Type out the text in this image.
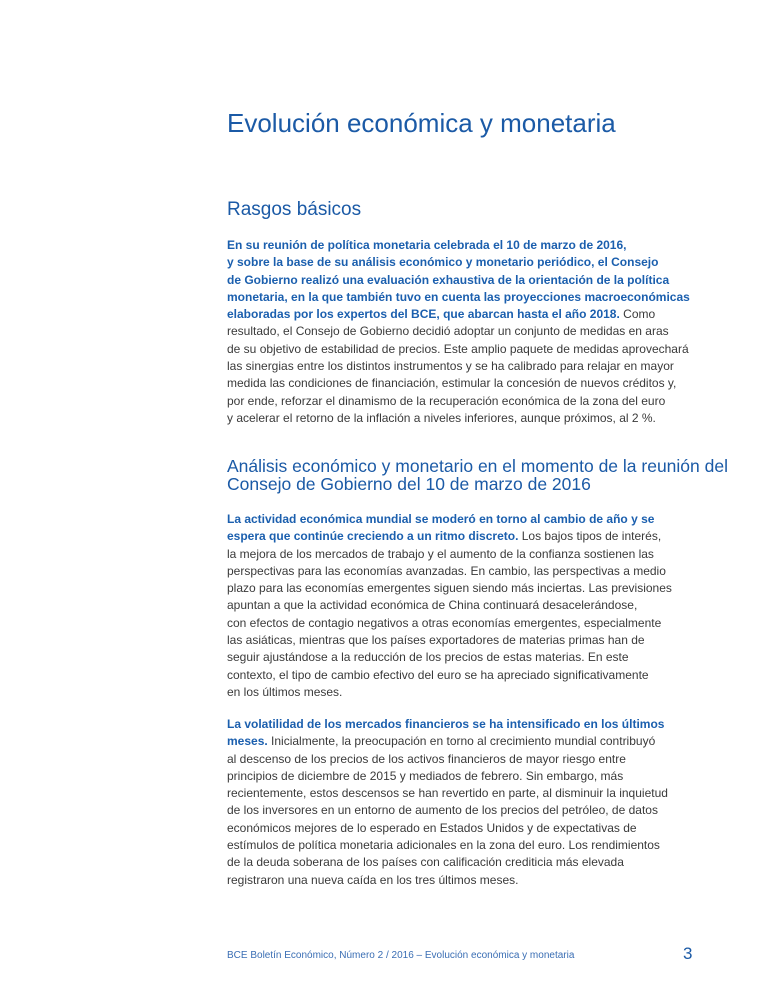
Evolución económica y monetaria
Rasgos básicos
En su reunión de política monetaria celebrada el 10 de marzo de 2016,
y sobre la base de su análisis económico y monetario periódico, el Consejo
de Gobierno realizó una evaluación exhaustiva de la orientación de la política
monetaria, en la que también tuvo en cuenta las proyecciones macroeconómicas
elaboradas por los expertos del BCE, que abarcan hasta el año 2018. Como
resultado, el Consejo de Gobierno decidió adoptar un conjunto de medidas en aras
de su objetivo de estabilidad de precios. Este amplio paquete de medidas aprovechará
las sinergias entre los distintos instrumentos y se ha calibrado para relajar en mayor
medida las condiciones de financiación, estimular la concesión de nuevos créditos y,
por ende, reforzar el dinamismo de la recuperación económica de la zona del euro
y acelerar el retorno de la inflación a niveles inferiores, aunque próximos, al 2 %.
Análisis económico y monetario en el momento de la reunión del
Consejo de Gobierno del 10 de marzo de 2016
La actividad económica mundial se moderó en torno al cambio de año y se
espera que continúe creciendo a un ritmo discreto. Los bajos tipos de interés,
la mejora de los mercados de trabajo y el aumento de la confianza sostienen las
perspectivas para las economías avanzadas. En cambio, las perspectivas a medio
plazo para las economías emergentes siguen siendo más inciertas. Las previsiones
apuntan a que la actividad económica de China continuará desacelerándose,
con efectos de contagio negativos a otras economías emergentes, especialmente
las asiáticas, mientras que los países exportadores de materias primas han de
seguir ajustándose a la reducción de los precios de estas materias. En este
contexto, el tipo de cambio efectivo del euro se ha apreciado significativamente
en los últimos meses.
La volatilidad de los mercados financieros se ha intensificado en los últimos
meses. Inicialmente, la preocupación en torno al crecimiento mundial contribuyó
al descenso de los precios de los activos financieros de mayor riesgo entre
principios de diciembre de 2015 y mediados de febrero. Sin embargo, más
recientemente, estos descensos se han revertido en parte, al disminuir la inquietud
de los inversores en un entorno de aumento de los precios del petróleo, de datos
económicos mejores de lo esperado en Estados Unidos y de expectativas de
estímulos de política monetaria adicionales en la zona del euro. Los rendimientos
de la deuda soberana de los países con calificación crediticia más elevada
registraron una nueva caída en los tres últimos meses.
BCE Boletín Económico, Número 2 / 2016 – Evolución económica y monetaria	3
